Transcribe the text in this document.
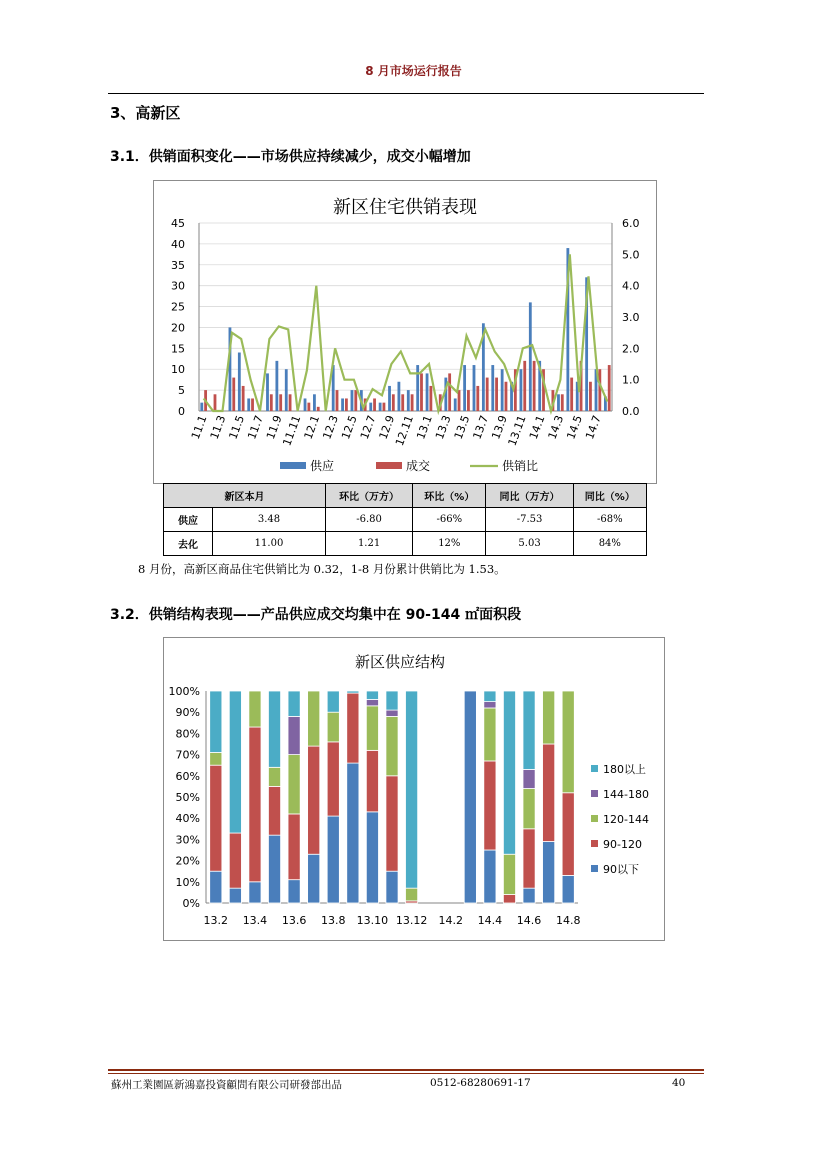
8 月市场运行报告
3、高新区
3.1．供销面积变化——市场供应持续减少，成交小幅增加
新区住宅供销表现
0
5
10
15
20
25
30
35
40
45
0.0
1.0
2.0
3.0
4.0
5.0
6.0
11.1
11.3
11.5
11.7
11.9
11.11
12.1
12.3
12.5
12.7
12.9
12.11
13.1
13.3
13.5
13.7
13.9
13.11
14.1
14.3
14.5
14.7
供应	成交	供销比
新区本月		环比（万方）	环比（%）	同比（万方）	同比（%）
供应	3.48	-6.80	-66%	-7.53	-68%
去化	11.00	1.21	12%	5.03	84%
8 月份，高新区商品住宅供销比为 0.32，1-8 月份累计供销比为 1.53。
3.2．供销结构表现——产品供应成交均集中在 90-144 ㎡面积段
新区供应结构
0%
10%
20%
30%
40%
50%
60%
70%
80%
90%
100%
13.2 13.4 13.6 13.8 13.10 13.12 14.2 14.4 14.6 14.8
180以上
144-180
120-144
90-120
90以下
蘇州工業園區新鴻嘉投資顧問有限公司研發部出品	0512-68280691-17	40
